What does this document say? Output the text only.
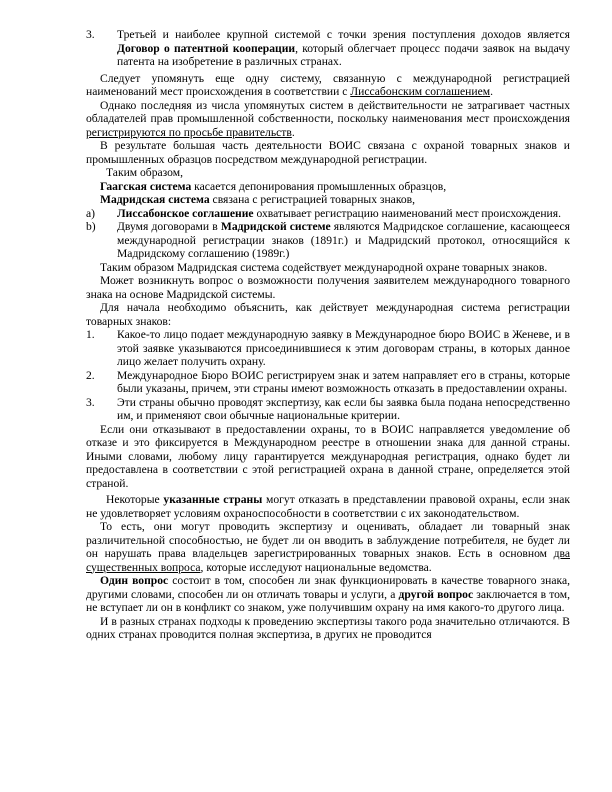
3. Третьей и наиболее крупной системой с точки зрения поступления доходов является Договор о патентной кооперации, который облегчает процесс подачи заявок на выдачу патента на изобретение в различных странах.

Следует упомянуть еще одну систему, связанную с международной регистрацией наименований мест происхождения в соответствии с Лиссабонским соглашением.

Однако последняя из числа упомянутых систем в действительности не затрагивает частных обладателей прав промышленной собственности, поскольку наименования мест происхождения регистрируются по просьбе правительств.

В результате большая часть деятельности ВОИС связана с охраной товарных знаков и промышленных образцов посредством международной регистрации.

Таким образом,

Гаагская система касается депонирования промышленных образцов,

Мадридская система связана с регистрацией товарных знаков,

a) Лиссабонское соглашение охватывает регистрацию наименований мест происхождения.
b) Двумя договорами в Мадридской системе являются Мадридское соглашение, касающееся международной регистрации знаков (1891г.) и Мадридский протокол, относящийся к Мадридскому соглашению (1989г.)

Таким образом Мадридская система содействует международной охране товарных знаков.

Может возникнуть вопрос о возможности получения заявителем международного товарного знака на основе Мадридской системы.

Для начала необходимо объяснить, как действует международная система регистрации товарных знаков:

1. Какое-то лицо подает международную заявку в Международное бюро ВОИС в Женеве, и в этой заявке указываются присоединившиеся к этим договорам страны, в которых данное лицо желает получить охрану.
2. Международное Бюро ВОИС регистрируем знак и затем направляет его в страны, которые были указаны, причем, эти страны имеют возможность отказать в предоставлении охраны.
3. Эти страны обычно проводят экспертизу, как если бы заявка была подана непосредственно им, и применяют свои обычные национальные критерии.

Если они отказывают в предоставлении охраны, то в ВОИС направляется уведомление об отказе и это фиксируется в Международном реестре в отношении знака для данной страны. Иными словами, любому лицу гарантируется международная регистрация, однако будет ли предоставлена в соответствии с этой регистрацией охрана в данной стране, определяется этой страной.

Некоторые указанные страны могут отказать в представлении правовой охраны, если знак не удовлетворяет условиям охраноспособности в соответствии с их законодательством.

То есть, они могут проводить экспертизу и оценивать, обладает ли товарный знак различительной способностью, не будет ли он вводить в заблуждение потребителя, не будет ли он нарушать права владельцев зарегистрированных товарных знаков. Есть в основном два существенных вопроса, которые исследуют национальные ведомства.

Один вопрос состоит в том, способен ли знак функционировать в качестве товарного знака, другими словами, способен ли он отличать товары и услуги, а другой вопрос заключается в том, не вступает ли он в конфликт со знаком, уже получившим охрану на имя какого-то другого лица.

И в разных странах подходы к проведению экспертизы такого рода значительно отличаются. В одних странах проводится полная экспертиза, в других не проводится
